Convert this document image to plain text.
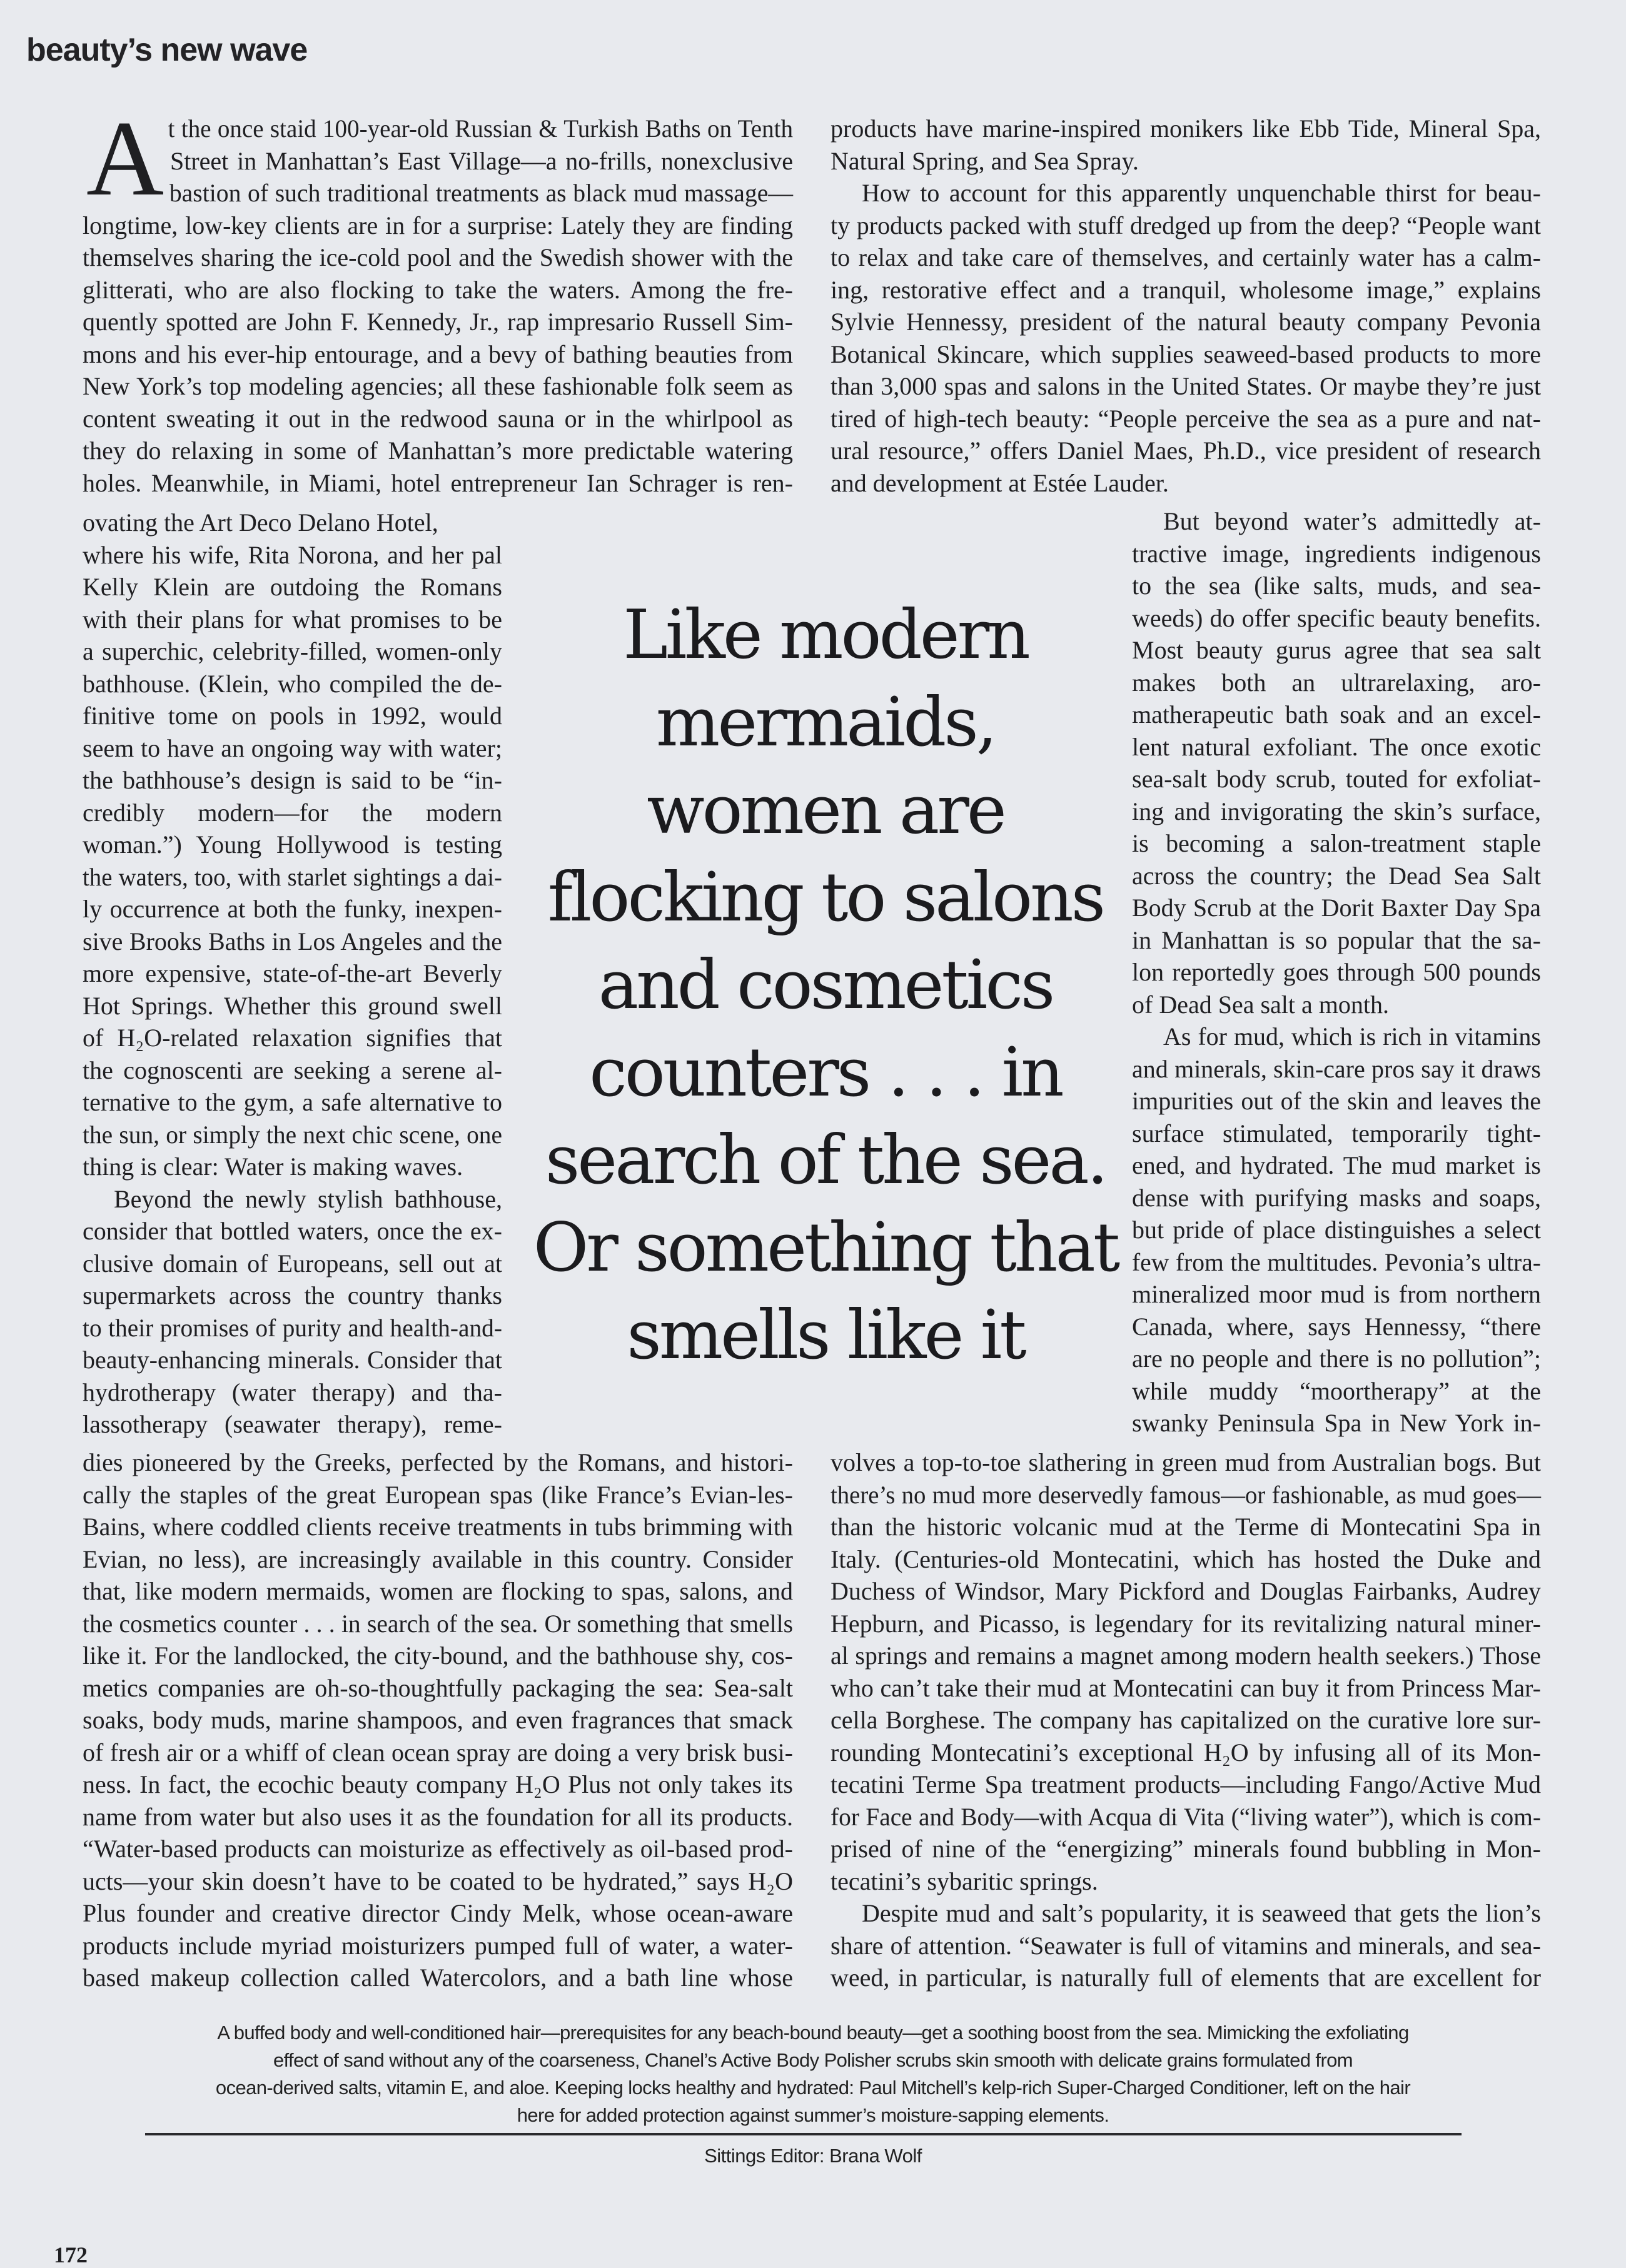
beauty’s new wave
A t the once staid 100-year-old Russian & Turkish Baths on Tenth
Street in Manhattan’s East Village—a no-frills, nonexclusive
bastion of such traditional treatments as black mud massage—
longtime, low-key clients are in for a surprise: Lately they are finding
themselves sharing the ice-cold pool and the Swedish shower with the
glitterati, who are also flocking to take the waters. Among the fre-
quently spotted are John F. Kennedy, Jr., rap impresario Russell Sim-
mons and his ever-hip entourage, and a bevy of bathing beauties from
New York’s top modeling agencies; all these fashionable folk seem as
content sweating it out in the redwood sauna or in the whirlpool as
they do relaxing in some of Manhattan’s more predictable watering
holes. Meanwhile, in Miami, hotel entrepreneur Ian Schrager is ren-
ovating the Art Deco Delano Hotel,
where his wife, Rita Norona, and her pal
Kelly Klein are outdoing the Romans
with their plans for what promises to be
a superchic, celebrity-filled, women-only
bathhouse. (Klein, who compiled the de-
finitive tome on pools in 1992, would
seem to have an ongoing way with water;
the bathhouse’s design is said to be “in-
credibly modern—for the modern
woman.”) Young Hollywood is testing
the waters, too, with starlet sightings a dai-
ly occurrence at both the funky, inexpen-
sive Brooks Baths in Los Angeles and the
more expensive, state-of-the-art Beverly
Hot Springs. Whether this ground swell
of H₂O-related relaxation signifies that
the cognoscenti are seeking a serene al-
ternative to the gym, a safe alternative to
the sun, or simply the next chic scene, one
thing is clear: Water is making waves.
Beyond the newly stylish bathhouse,
consider that bottled waters, once the ex-
clusive domain of Europeans, sell out at
supermarkets across the country thanks
to their promises of purity and health-and-
beauty-enhancing minerals. Consider that
hydrotherapy (water therapy) and tha-
lassotherapy (seawater therapy), reme-
dies pioneered by the Greeks, perfected by the Romans, and histori-
cally the staples of the great European spas (like France’s Evian-les-
Bains, where coddled clients receive treatments in tubs brimming with
Evian, no less), are increasingly available in this country. Consider
that, like modern mermaids, women are flocking to spas, salons, and
the cosmetics counter . . . in search of the sea. Or something that smells
like it. For the landlocked, the city-bound, and the bathhouse shy, cos-
metics companies are oh-so-thoughtfully packaging the sea: Sea-salt
soaks, body muds, marine shampoos, and even fragrances that smack
of fresh air or a whiff of clean ocean spray are doing a very brisk busi-
ness. In fact, the ecochic beauty company H₂O Plus not only takes its
name from water but also uses it as the foundation for all its products.
“Water-based products can moisturize as effectively as oil-based prod-
ucts—your skin doesn’t have to be coated to be hydrated,” says H₂O
Plus founder and creative director Cindy Melk, whose ocean-aware
products include myriad moisturizers pumped full of water, a water-
based makeup collection called Watercolors, and a bath line whose
products have marine-inspired monikers like Ebb Tide, Mineral Spa,
Natural Spring, and Sea Spray.
How to account for this apparently unquenchable thirst for beau-
ty products packed with stuff dredged up from the deep? “People want
to relax and take care of themselves, and certainly water has a calm-
ing, restorative effect and a tranquil, wholesome image,” explains
Sylvie Hennessy, president of the natural beauty company Pevonia
Botanical Skincare, which supplies seaweed-based products to more
than 3,000 spas and salons in the United States. Or maybe they’re just
tired of high-tech beauty: “People perceive the sea as a pure and nat-
ural resource,” offers Daniel Maes, Ph.D., vice president of research
and development at Estée Lauder.
But beyond water’s admittedly at-
tractive image, ingredients indigenous
to the sea (like salts, muds, and sea-
weeds) do offer specific beauty benefits.
Most beauty gurus agree that sea salt
makes both an ultrarelaxing, aro-
matherapeutic bath soak and an excel-
lent natural exfoliant. The once exotic
sea-salt body scrub, touted for exfoliat-
ing and invigorating the skin’s surface,
is becoming a salon-treatment staple
across the country; the Dead Sea Salt
Body Scrub at the Dorit Baxter Day Spa
in Manhattan is so popular that the sa-
lon reportedly goes through 500 pounds
of Dead Sea salt a month.
As for mud, which is rich in vitamins
and minerals, skin-care pros say it draws
impurities out of the skin and leaves the
surface stimulated, temporarily tight-
ened, and hydrated. The mud market is
dense with purifying masks and soaps,
but pride of place distinguishes a select
few from the multitudes. Pevonia’s ultra-
mineralized moor mud is from northern
Canada, where, says Hennessy, “there
are no people and there is no pollution”;
while muddy “moortherapy” at the
swanky Peninsula Spa in New York in-
volves a top-to-toe slathering in green mud from Australian bogs. But
there’s no mud more deservedly famous—or fashionable, as mud goes—
than the historic volcanic mud at the Terme di Montecatini Spa in
Italy. (Centuries-old Montecatini, which has hosted the Duke and
Duchess of Windsor, Mary Pickford and Douglas Fairbanks, Audrey
Hepburn, and Picasso, is legendary for its revitalizing natural miner-
al springs and remains a magnet among modern health seekers.) Those
who can’t take their mud at Montecatini can buy it from Princess Mar-
cella Borghese. The company has capitalized on the curative lore sur-
rounding Montecatini’s exceptional H₂O by infusing all of its Mon-
tecatini Terme Spa treatment products—including Fango/Active Mud
for Face and Body—with Acqua di Vita (“living water”), which is com-
prised of nine of the “energizing” minerals found bubbling in Mon-
tecatini’s sybaritic springs.
Despite mud and salt’s popularity, it is seaweed that gets the lion’s
share of attention. “Seawater is full of vitamins and minerals, and sea-
weed, in particular, is naturally full of elements that are excellent for
Like modern
mermaids,
women are
flocking to salons
and cosmetics
counters . . . in
search of the sea.
Or something that
smells like it
A buffed body and well-conditioned hair—prerequisites for any beach-bound beauty—get a soothing boost from the sea. Mimicking the exfoliating
effect of sand without any of the coarseness, Chanel’s Active Body Polisher scrubs skin smooth with delicate grains formulated from
ocean-derived salts, vitamin E, and aloe. Keeping locks healthy and hydrated: Paul Mitchell’s kelp-rich Super-Charged Conditioner, left on the hair
here for added protection against summer’s moisture-sapping elements.
Sittings Editor: Brana Wolf
172
